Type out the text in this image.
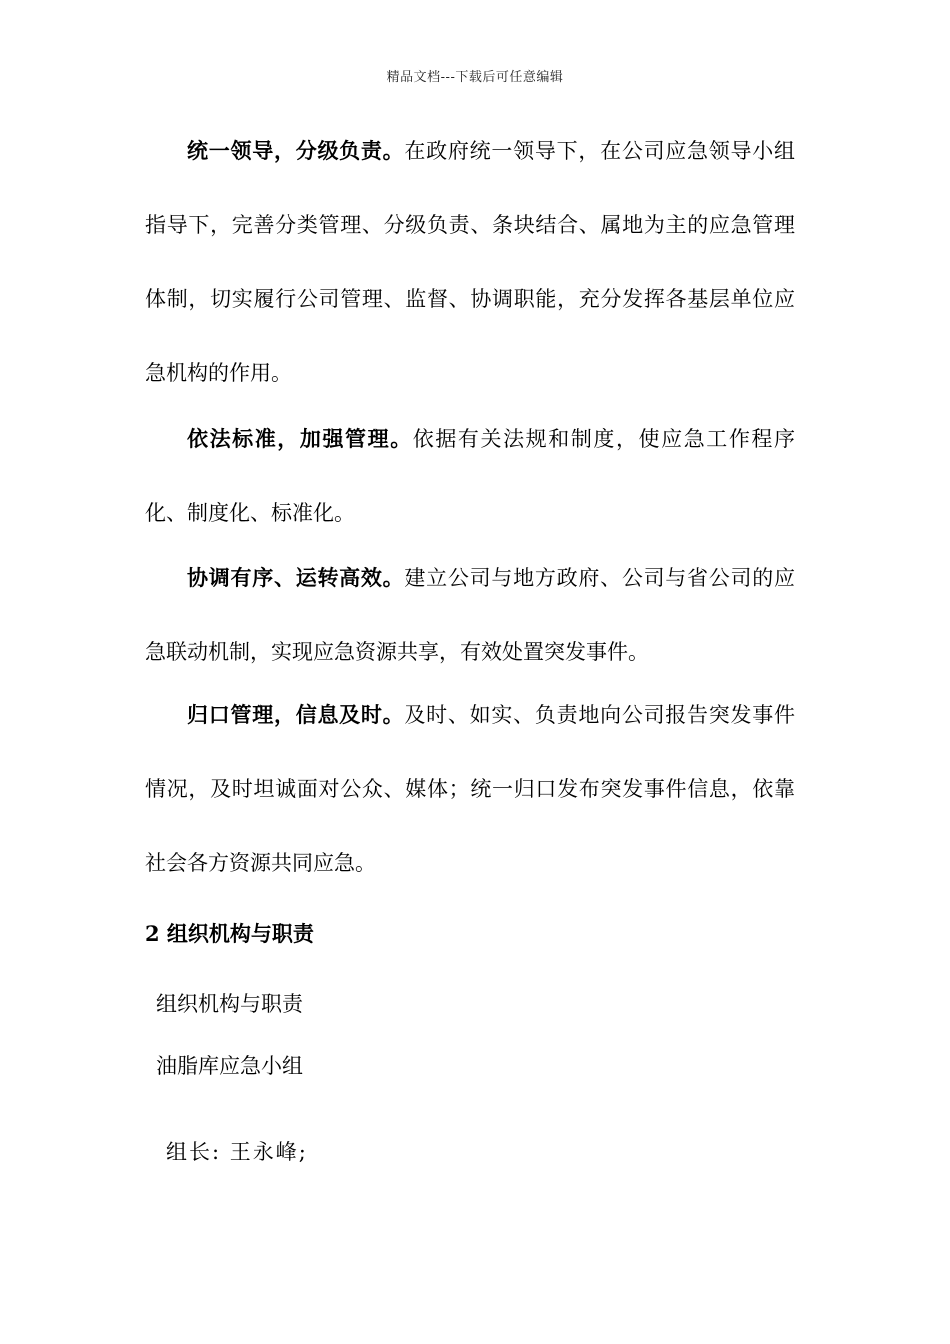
精品文档---下载后可任意编辑

统一领导，分级负责。在政府统一领导下，在公司应急领导小组指导下，完善分类管理、分级负责、条块结合、属地为主的应急管理体制，切实履行公司管理、监督、协调职能，充分发挥各基层单位应急机构的作用。

依法标准，加强管理。依据有关法规和制度，使应急工作程序化、制度化、标准化。

协调有序、运转高效。建立公司与地方政府、公司与省公司的应急联动机制，实现应急资源共享，有效处置突发事件。

归口管理，信息及时。及时、如实、负责地向公司报告突发事件情况，及时坦诚面对公众、媒体；统一归口发布突发事件信息，依靠社会各方资源共同应急。

2 组织机构与职责

组织机构与职责

油脂库应急小组

组长: 王永峰;
